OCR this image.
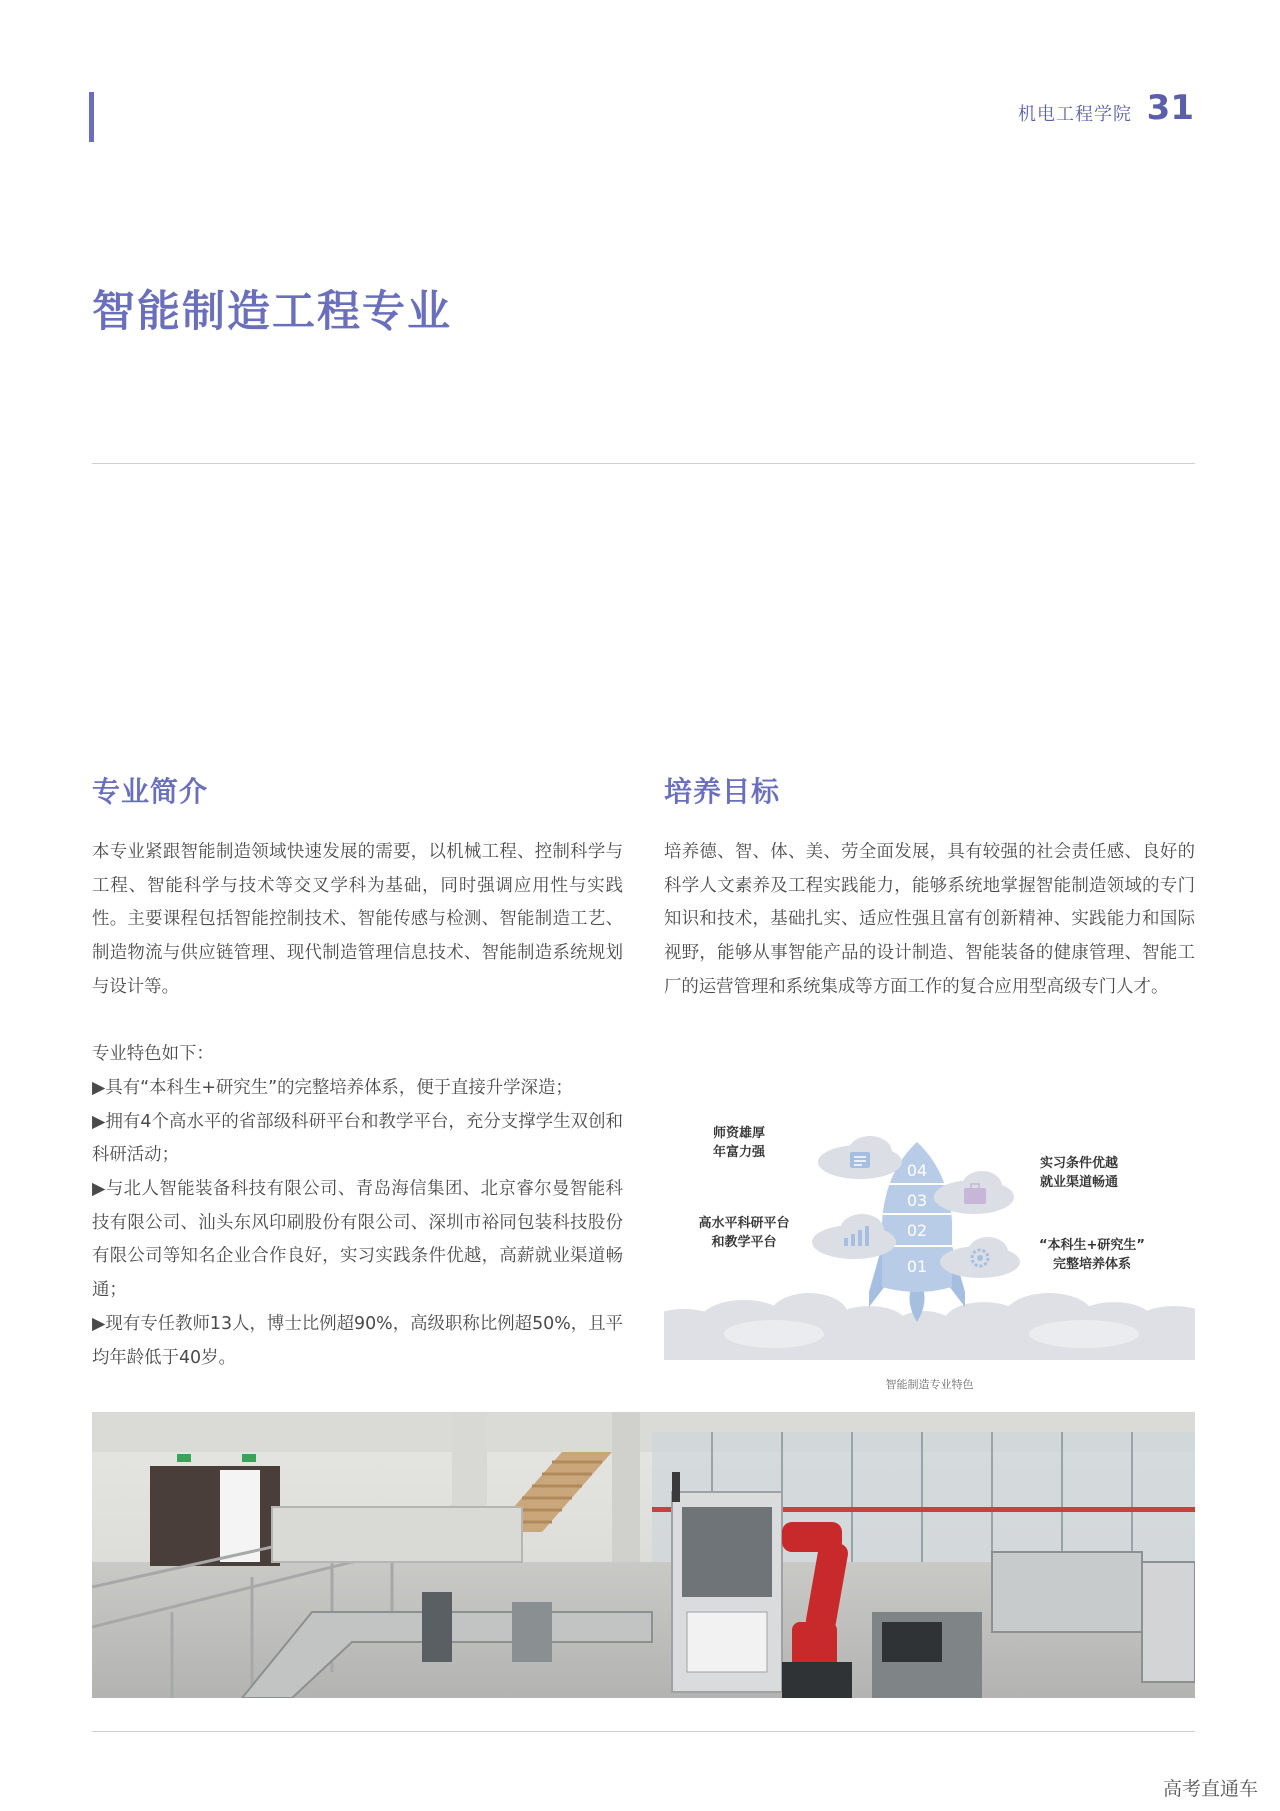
机电工程学院 31
智能制造工程专业
专业简介

本专业紧跟智能制造领域快速发展的需要，以机械工程、控制科学与工程、智能科学与技术等交叉学科为基础，同时强调应用性与实践性。主要课程包括智能控制技术、智能传感与检测、智能制造工艺、制造物流与供应链管理、现代制造管理信息技术、智能制造系统规划与设计等。

专业特色如下：

▶具有“本科生+研究生”的完整培养体系，便于直接升学深造；

▶拥有4个高水平的省部级科研平台和教学平台，充分支撑学生双创和科研活动；

▶与北人智能装备科技有限公司、青岛海信集团、北京睿尔曼智能科技有限公司、汕头东风印刷股份有限公司、深圳市裕同包装科技股份有限公司等知名企业合作良好，实习实践条件优越，高薪就业渠道畅通；

▶现有专任教师13人，博士比例超90%，高级职称比例超50%，且平均年龄低于40岁。

培养目标

培养德、智、体、美、劳全面发展，具有较强的社会责任感、良好的科学人文素养及工程实践能力，能够系统地掌握智能制造领域的专门知识和技术，基础扎实、适应性强且富有创新精神、实践能力和国际视野，能够从事智能产品的设计制造、智能装备的健康管理、智能工厂的运营管理和系统集成等方面工作的复合应用型高级专门人才。

04
03
02
01
师资雄厚
年富力强
实习条件优越
就业渠道畅通
高水平科研平台
和教学平台	“本科生+研究生”
完整培养体系
智能制造专业特色
高考直通车
